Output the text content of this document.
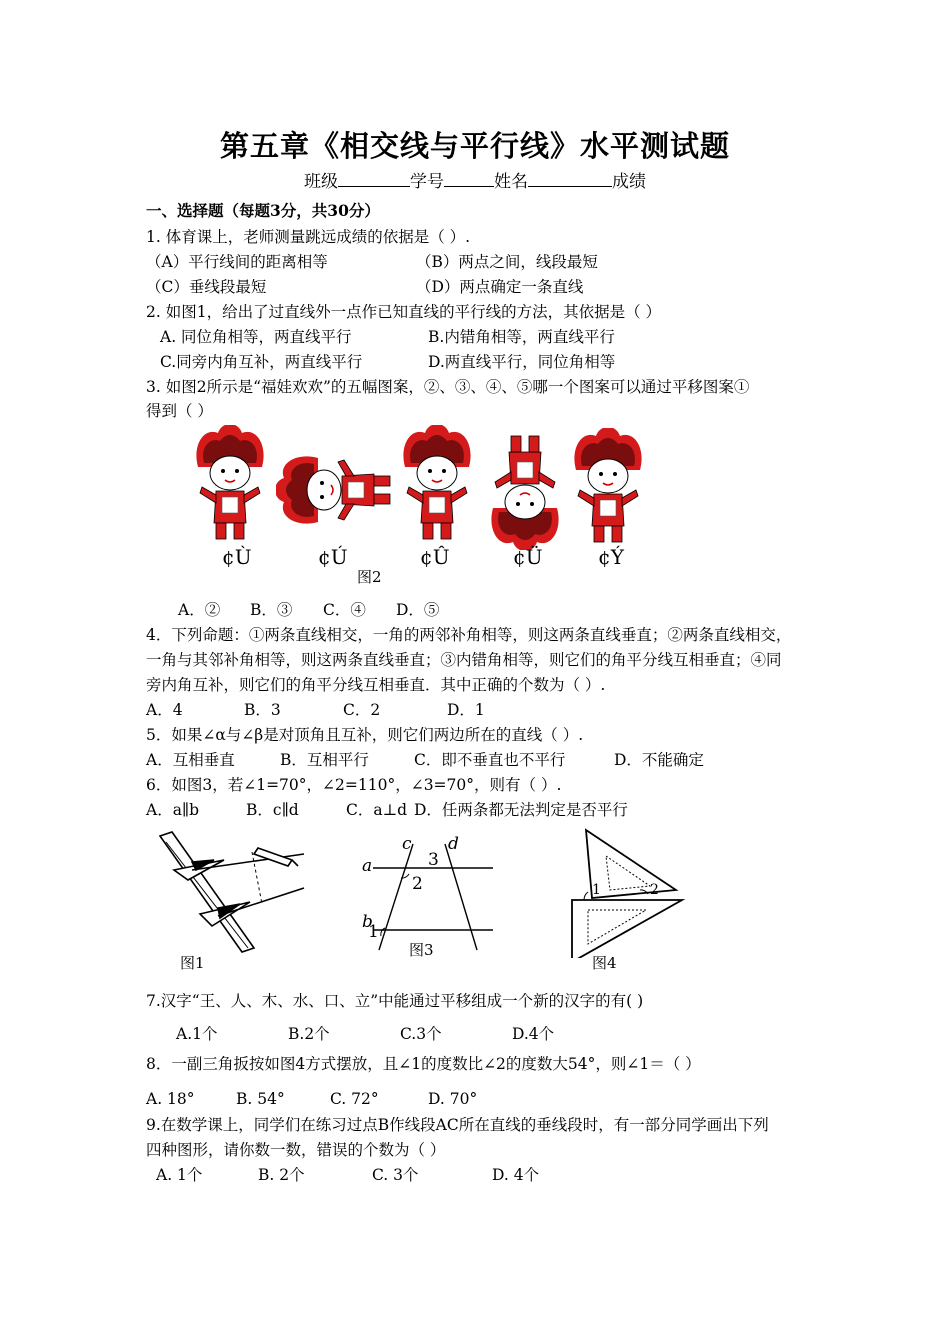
第五章《相交线与平行线》水平测试题
班级	学号	姓名	成绩
一、选择题（每题3分，共30分）
1. 体育课上，老师测量跳远成绩的依据是（ ）.
（A）平行线间的距离相等	（B）两点之间，线段最短
（C）垂线段最短	（D）两点确定一条直线
2. 如图1，给出了过直线外一点作已知直线的平行线的方法，其依据是（ ）
A. 同位角相等，两直线平行	B.内错角相等，两直线平行
C.同旁内角互补，两直线平行	D.两直线平行，同位角相等
3. 如图2所示是“福娃欢欢”的五幅图案，②、③、④、⑤哪一个图案可以通过平移图案①
得到（ ）
¢Ù	¢Ú	¢Û	¢Ü	¢Ý
图2
A．② B．③ C．④ D．⑤
4．下列命题：①两条直线相交，一角的两邻补角相等，则这两条直线垂直；②两条直线相交，
一角与其邻补角相等，则这两条直线垂直；③内错角相等，则它们的角平分线互相垂直；④同
旁内角互补，则它们的角平分线互相垂直．其中正确的个数为（ ）.
A．4	B．3	C．2	D．1
5．如果∠α与∠β是对顶角且互补，则它们两边所在的直线（ ）.
A．互相垂直	B．互相平行	C．即不垂直也不平行	D．不能确定
6．如图3，若∠1=70°，∠2=110°，∠3=70°，则有（ ）.
A．a∥b	B．c∥d	C．a⊥d D．任两条都无法判定是否平行
图1
a
b
c d
1
2
3
图3
1	2
图4
7.汉字“王、人、木、水、口、立”中能通过平移组成一个新的汉字的有( )
A.1个	B.2个	C.3个	D.4个
8．一副三角扳按如图4方式摆放，且∠1的度数比∠2的度数大54°，则∠1＝（ ）
A. 18°	B. 54°	C. 72°	D. 70°
9.在数学课上，同学们在练习过点B作线段AC所在直线的垂线段时，有一部分同学画出下列
四种图形，请你数一数，错误的个数为（ ）
A. 1个	B. 2个	C. 3个	D. 4个
